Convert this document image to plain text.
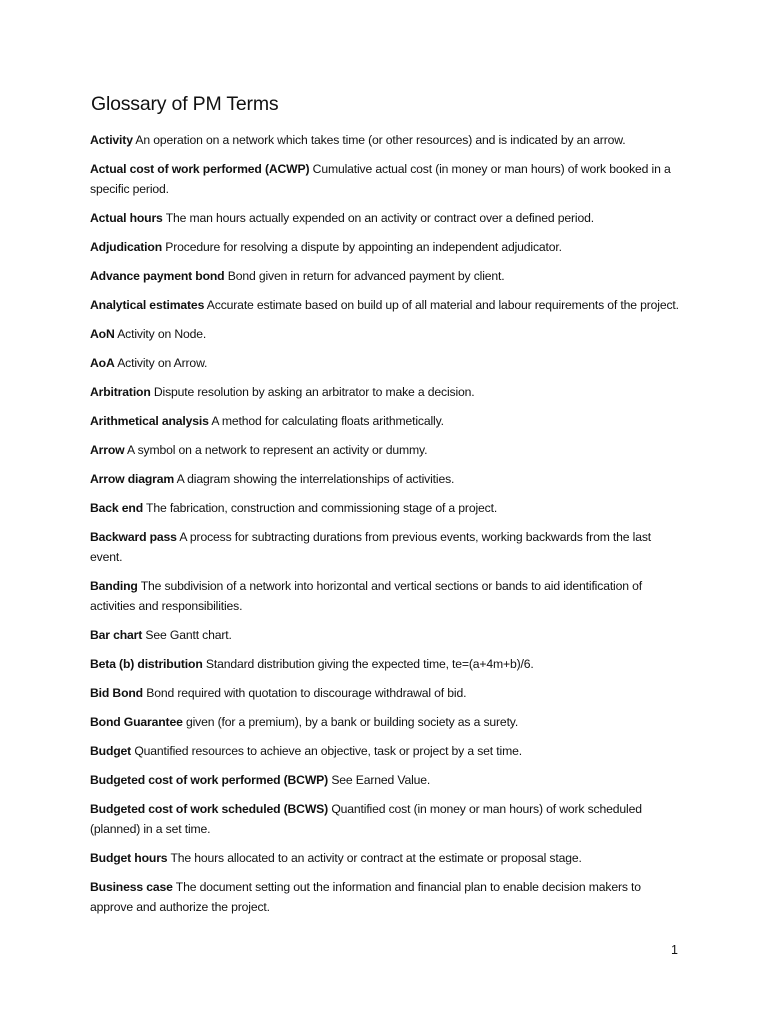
Glossary of PM Terms
Activity An operation on a network which takes time (or other resources) and is indicated by an arrow.
Actual cost of work performed (ACWP) Cumulative actual cost (in money or man hours) of work booked in a specific period.
Actual hours The man hours actually expended on an activity or contract over a defined period.
Adjudication Procedure for resolving a dispute by appointing an independent adjudicator.
Advance payment bond Bond given in return for advanced payment by client.
Analytical estimates Accurate estimate based on build up of all material and labour requirements of the project.
AoN Activity on Node.
AoA Activity on Arrow.
Arbitration Dispute resolution by asking an arbitrator to make a decision.
Arithmetical analysis A method for calculating floats arithmetically.
Arrow A symbol on a network to represent an activity or dummy.
Arrow diagram A diagram showing the interrelationships of activities.
Back end The fabrication, construction and commissioning stage of a project.
Backward pass A process for subtracting durations from previous events, working backwards from the last event.
Banding The subdivision of a network into horizontal and vertical sections or bands to aid identification of activities and responsibilities.
Bar chart See Gantt chart.
Beta (b) distribution Standard distribution giving the expected time, te=(a+4m+b)/6.
Bid Bond Bond required with quotation to discourage withdrawal of bid.
Bond Guarantee given (for a premium), by a bank or building society as a surety.
Budget Quantified resources to achieve an objective, task or project by a set time.
Budgeted cost of work performed (BCWP) See Earned Value.
Budgeted cost of work scheduled (BCWS) Quantified cost (in money or man hours) of work scheduled (planned) in a set time.
Budget hours The hours allocated to an activity or contract at the estimate or proposal stage.
Business case The document setting out the information and financial plan to enable decision makers to approve and authorize the project.
1
